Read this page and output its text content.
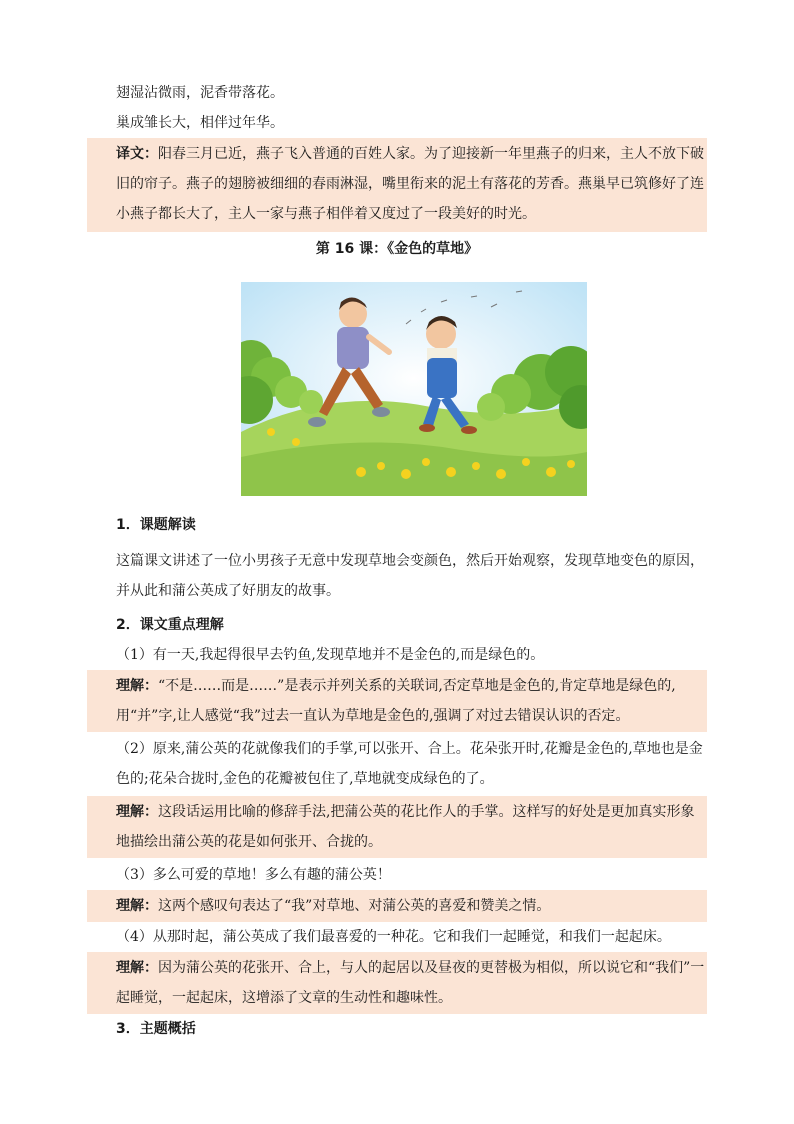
翅湿沾微雨，泥香带落花。
巢成雏长大，相伴过年华。
译文：阳春三月已近，燕子飞入普通的百姓人家。为了迎接新一年里燕子的归来，主人不放下破旧的帘子。燕子的翅膀被细细的春雨淋湿，嘴里衔来的泥土有落花的芳香。燕巢早已筑修好了连小燕子都长大了，主人一家与燕子相伴着又度过了一段美好的时光。
第 16 课：《金色的草地》
1．课题解读
这篇课文讲述了一位小男孩子无意中发现草地会变颜色，然后开始观察，发现草地变色的原因，并从此和蒲公英成了好朋友的故事。
2．课文重点理解
（1）有一天,我起得很早去钓鱼,发现草地并不是金色的,而是绿色的。
理解：“不是……而是……”是表示并列关系的关联词,否定草地是金色的,肯定草地是绿色的,用“并”字,让人感觉“我”过去一直认为草地是金色的,强调了对过去错误认识的否定。
（2）原来,蒲公英的花就像我们的手掌,可以张开、合上。花朵张开时,花瓣是金色的,草地也是金色的;花朵合拢时,金色的花瓣被包住了,草地就变成绿色的了。
理解：这段话运用比喻的修辞手法,把蒲公英的花比作人的手掌。这样写的好处是更加真实形象地描绘出蒲公英的花是如何张开、合拢的。
（3）多么可爱的草地！多么有趣的蒲公英！
理解：这两个感叹句表达了“我”对草地、对蒲公英的喜爱和赞美之情。
（4）从那时起，蒲公英成了我们最喜爱的一种花。它和我们一起睡觉，和我们一起起床。
理解：因为蒲公英的花张开、合上，与人的起居以及昼夜的更替极为相似，所以说它和“我们”一起睡觉，一起起床，这增添了文章的生动性和趣味性。
3．主题概括
